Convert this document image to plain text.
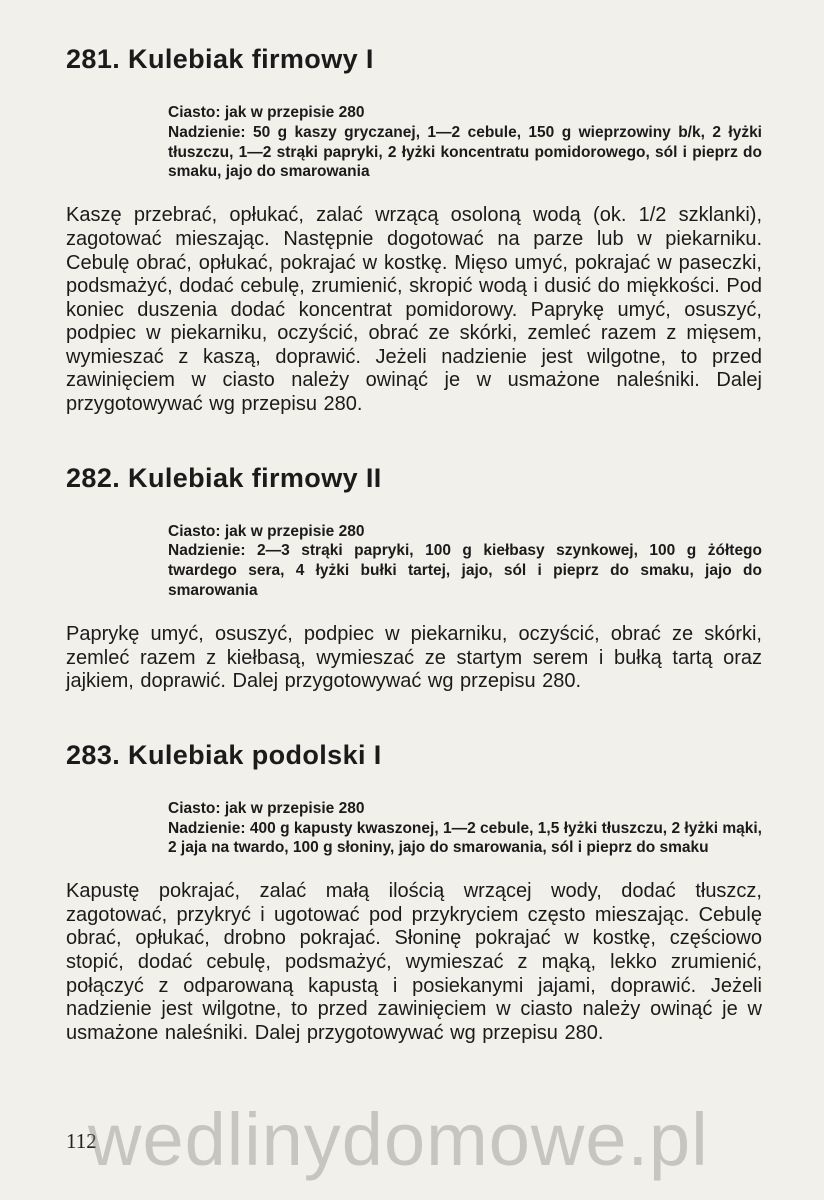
281. Kulebiak firmowy I

Ciasto: jak w przepisie 280

Nadzienie: 50 g kaszy gryczanej, 1—2 cebule, 150 g wieprzowiny b/k, 2 łyżki tłuszczu, 1—2 strąki papryki, 2 łyżki koncentratu pomidorowego, sól i pieprz do smaku, jajo do smarowania

Kaszę przebrać, opłukać, zalać wrzącą osoloną wodą (ok. 1/2 szklanki), zagotować mieszając. Następnie dogotować na parze lub w piekarniku. Cebulę obrać, opłukać, pokrajać w kostkę. Mięso umyć, pokrajać w paseczki, podsmażyć, dodać cebulę, zrumienić, skropić wodą i dusić do miękkości. Pod koniec duszenia dodać koncentrat pomidorowy. Paprykę umyć, osuszyć, podpiec w piekarniku, oczyścić, obrać ze skórki, zemleć razem z mięsem, wymieszać z kaszą, doprawić. Jeżeli nadzienie jest wilgotne, to przed zawinięciem w ciasto należy owinąć je w usmażone naleśniki. Dalej przygotowywać wg przepisu 280.

282. Kulebiak firmowy II

Ciasto: jak w przepisie 280

Nadzienie: 2—3 strąki papryki, 100 g kiełbasy szynkowej, 100 g żółtego twardego sera, 4 łyżki bułki tartej, jajo, sól i pieprz do smaku, jajo do smarowania

Paprykę umyć, osuszyć, podpiec w piekarniku, oczyścić, obrać ze skórki, zemleć razem z kiełbasą, wymieszać ze startym serem i bułką tartą oraz jajkiem, doprawić. Dalej przygotowywać wg przepisu 280.

283. Kulebiak podolski I

Ciasto: jak w przepisie 280

Nadzienie: 400 g kapusty kwaszonej, 1—2 cebule, 1,5 łyżki tłuszczu, 2 łyżki mąki, 2 jaja na twardo, 100 g słoniny, jajo do smarowania, sól i pieprz do smaku

Kapustę pokrajać, zalać małą ilością wrzącej wody, dodać tłuszcz, zagotować, przykryć i ugotować pod przykryciem często mieszając. Cebulę obrać, opłukać, drobno pokrajać. Słoninę pokrajać w kostkę, częściowo stopić, dodać cebulę, podsmażyć, wymieszać z mąką, lekko zrumienić, połączyć z odparowaną kapustą i posiekanymi jajami, doprawić. Jeżeli nadzienie jest wilgotne, to przed zawinięciem w ciasto należy owinąć je w usmażone naleśniki. Dalej przygotowywać wg przepisu 280.

112
wedlinydomowe.pl
